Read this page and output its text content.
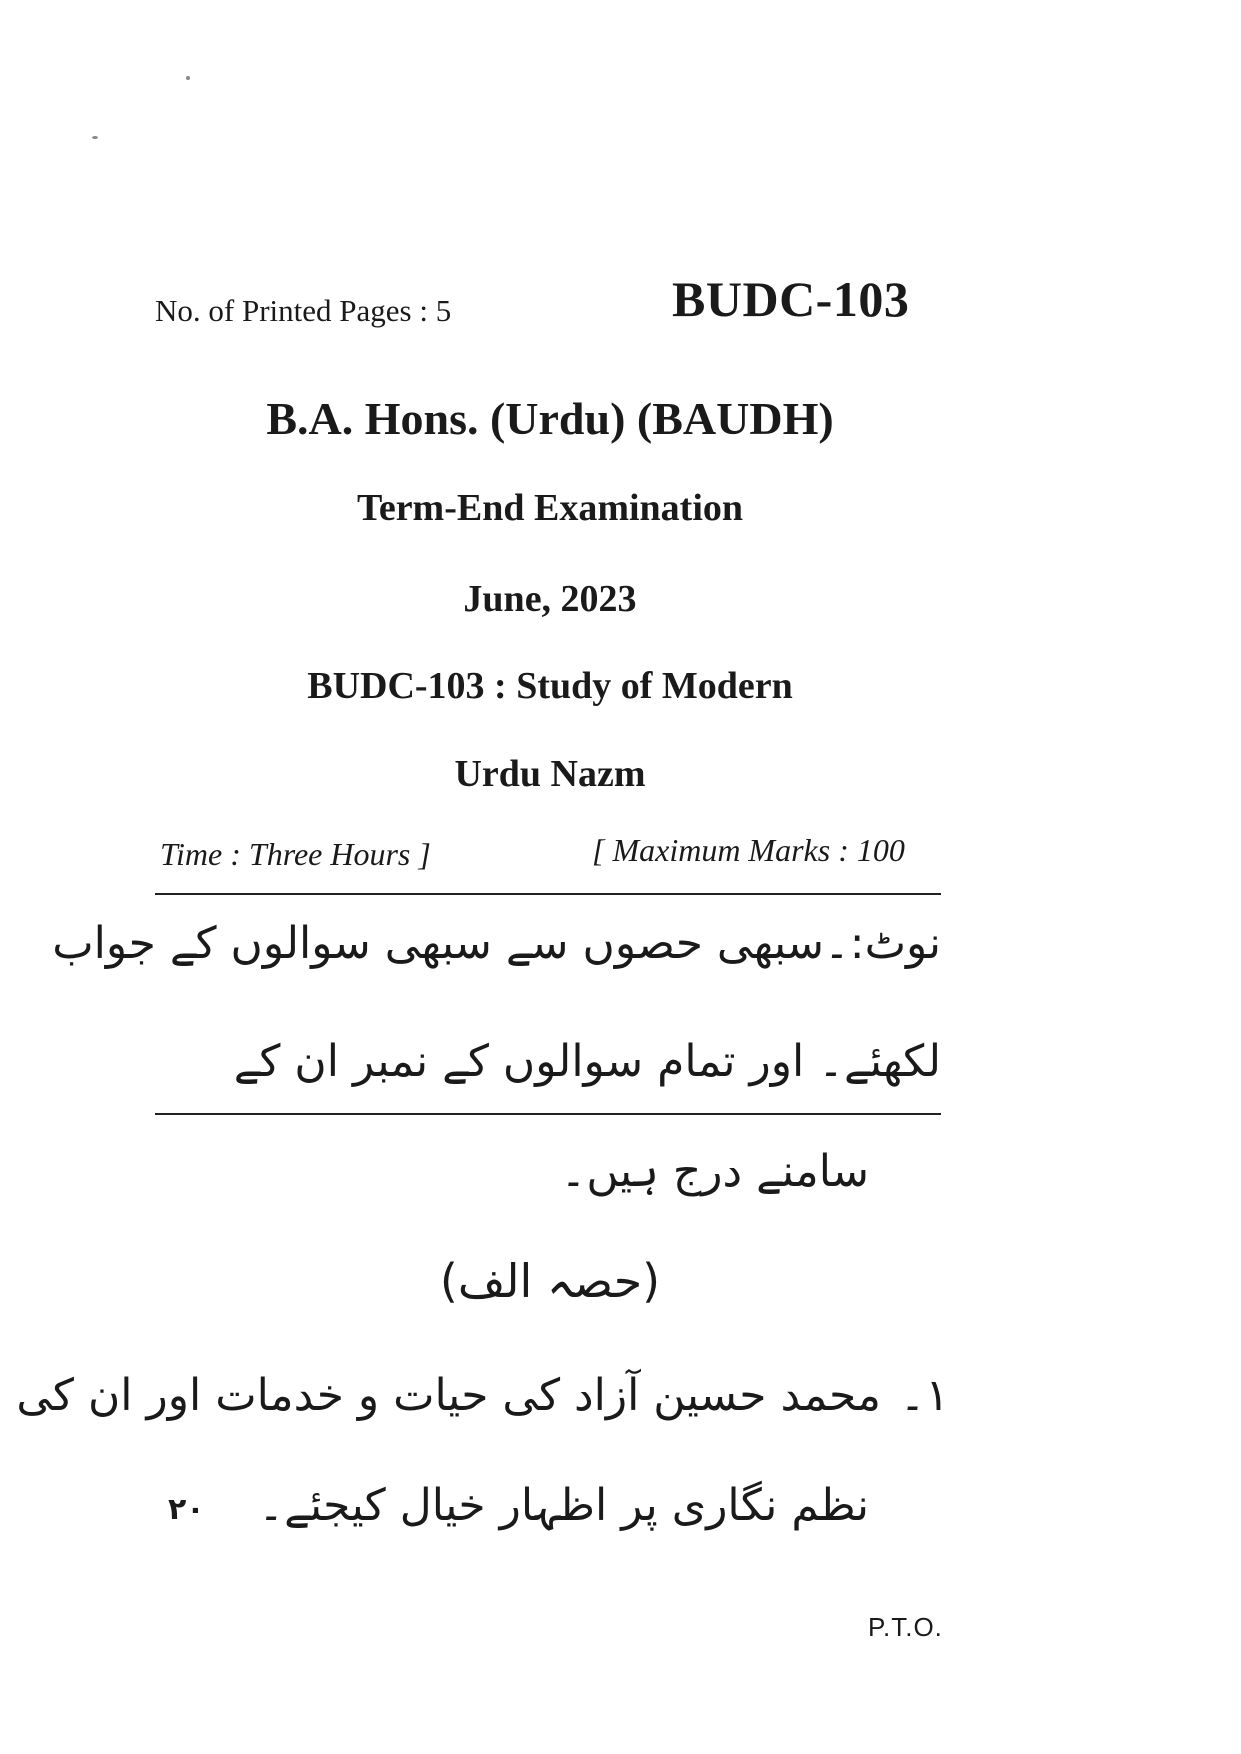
No. of Printed Pages : 5	BUDC-103
B.A. Hons. (Urdu) (BAUDH)
Term-End Examination
June, 2023
BUDC-103 : Study of Modern
Urdu Nazm
Time : Three Hours ]	[ Maximum Marks : 100
نوٹ:۔سبھی حصوں سے سبھی سوالوں کے جواب
لکھئے۔ اور تمام سوالوں کے نمبر ان کے
سامنے درج ہیں۔
(حصہ الف)
۱۔
محمد حسین آزاد کی حیات و خدمات اور ان کی
نظم نگاری پر اظہار خیال کیجئے۔
۲۰
P.T.O.
